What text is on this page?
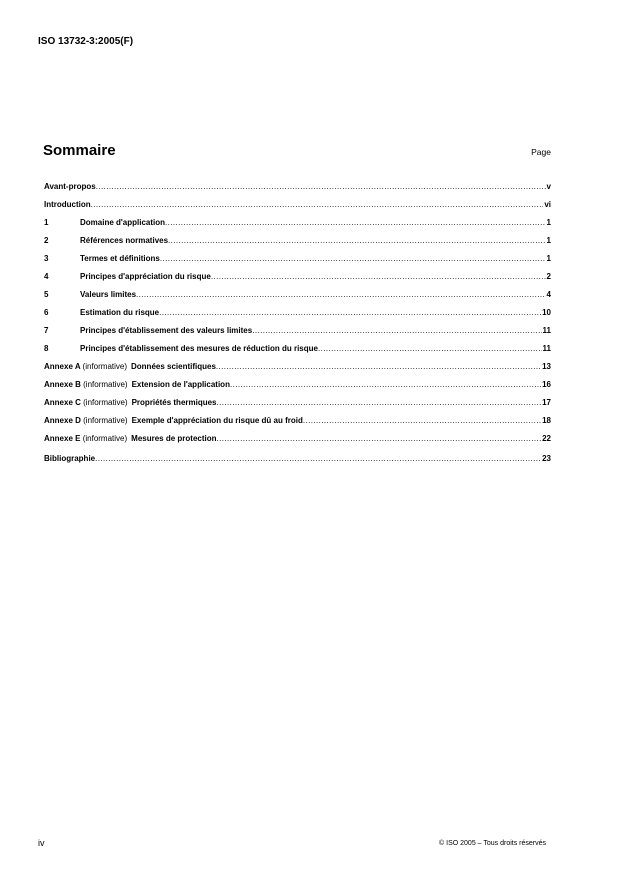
ISO 13732-3:2005(F)
Sommaire	Page
Avant-propos .....	v
Introduction .....	vi
1	Domaine d'application .....	1
2	Références normatives .....	1
3	Termes et définitions .....	1
4	Principes d'appréciation du risque .....	2
5	Valeurs limites .....	4
6	Estimation du risque .....	10
7	Principes d'établissement des valeurs limites .....	11
8	Principes d'établissement des mesures de réduction du risque .....	11
Annexe A (informative) Données scientifiques .....	13
Annexe B (informative) Extension de l'application .....	16
Annexe C (informative) Propriétés thermiques .....	17
Annexe D (informative) Exemple d'appréciation du risque dû au froid .....	18
Annexe E (informative) Mesures de protection .....	22
Bibliographie .....	23
iv	© ISO 2005 – Tous droits réservés
